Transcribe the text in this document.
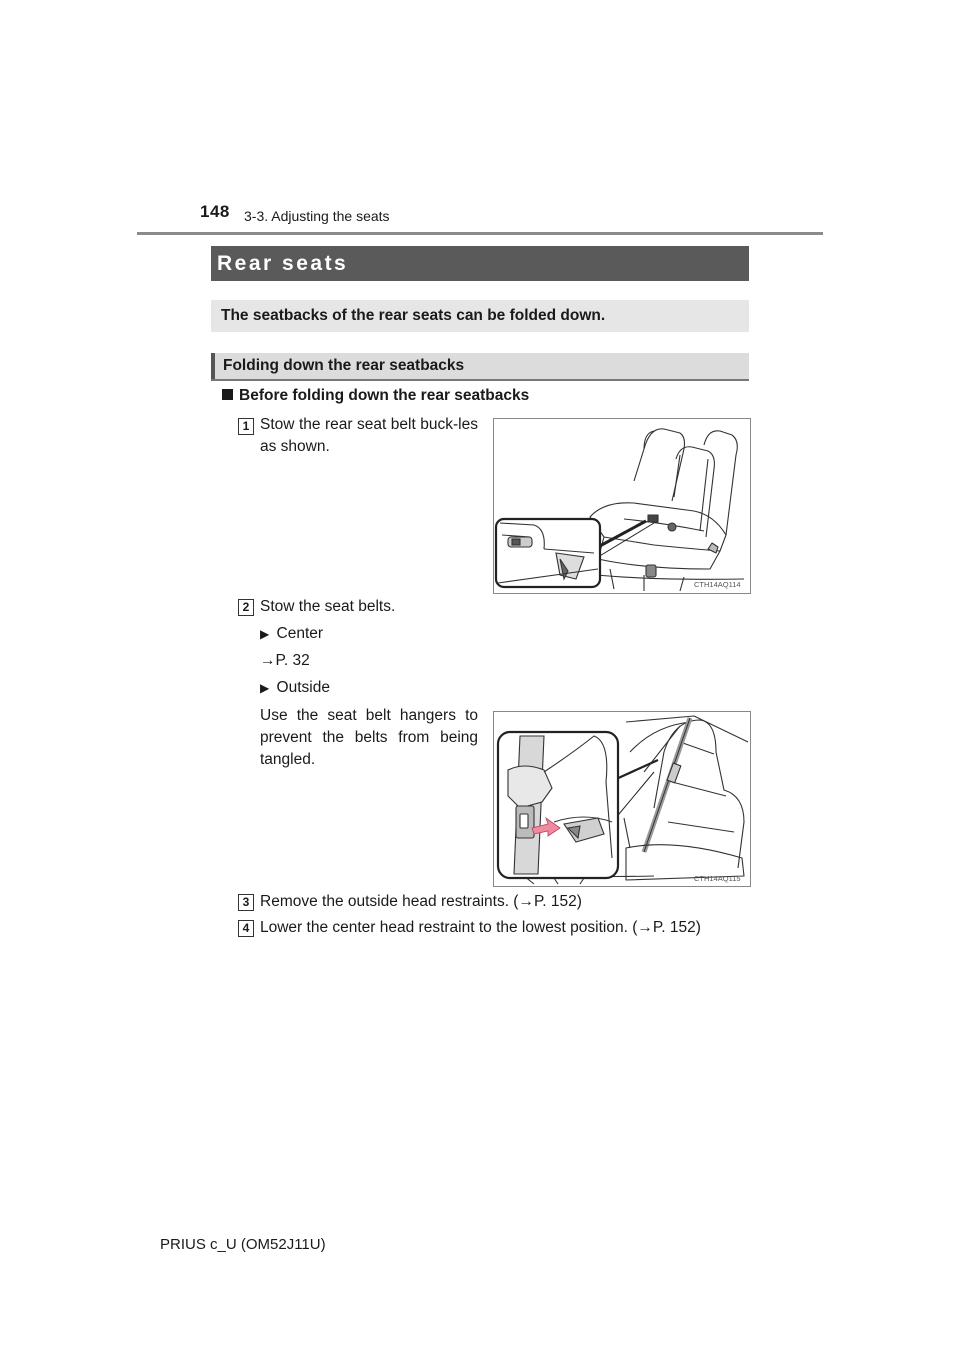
148 3-3. Adjusting the seats
Rear seats
The seatbacks of the rear seats can be folded down.
Folding down the rear seatbacks
Before folding down the rear seatbacks
1 Stow the rear seat belt buck-les as shown.
CTH14AQ114
2 Stow the seat belts.
▶ Center
→P. 32
▶ Outside
Use the seat belt hangers to prevent the belts from being tangled.
CTH14AQ115
3 Remove the outside head restraints. (→P. 152)
4 Lower the center head restraint to the lowest position. (→P. 152)
PRIUS c_U (OM52J11U)
